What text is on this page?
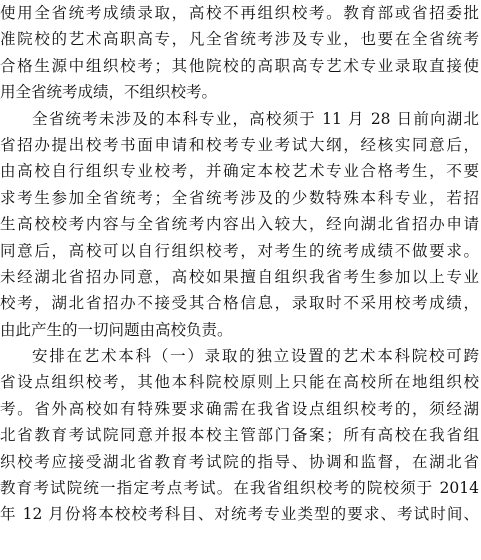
使用全省统考成绩录取，高校不再组织校考。教育部或省招委批
准院校的艺术高职高专，凡全省统考涉及专业，也要在全省统考
合格生源中组织校考；其他院校的高职高专艺术专业录取直接使
用全省统考成绩，不组织校考。
全省统考未涉及的本科专业，高校须于 11 月 28 日前向湖北
省招办提出校考书面申请和校考专业考试大纲，经核实同意后，
由高校自行组织专业校考，并确定本校艺术专业合格考生，不要
求考生参加全省统考；全省统考涉及的少数特殊本科专业，若招
生高校校考内容与全省统考内容出入较大，经向湖北省招办申请
同意后，高校可以自行组织校考，对考生的统考成绩不做要求。
未经湖北省招办同意，高校如果擅自组织我省考生参加以上专业
校考，湖北省招办不接受其合格信息，录取时不采用校考成绩，
由此产生的一切问题由高校负责。
安排在艺术本科（一）录取的独立设置的艺术本科院校可跨
省设点组织校考，其他本科院校原则上只能在高校所在地组织校
考。省外高校如有特殊要求确需在我省设点组织校考的，须经湖
北省教育考试院同意并报本校主管部门备案；所有高校在我省组
织校考应接受湖北省教育考试院的指导、协调和监督，在湖北省
教育考试院统一指定考点考试。在我省组织校考的院校须于 2014
年 12 月份将本校校考科目、对统考专业类型的要求、考试时间、
